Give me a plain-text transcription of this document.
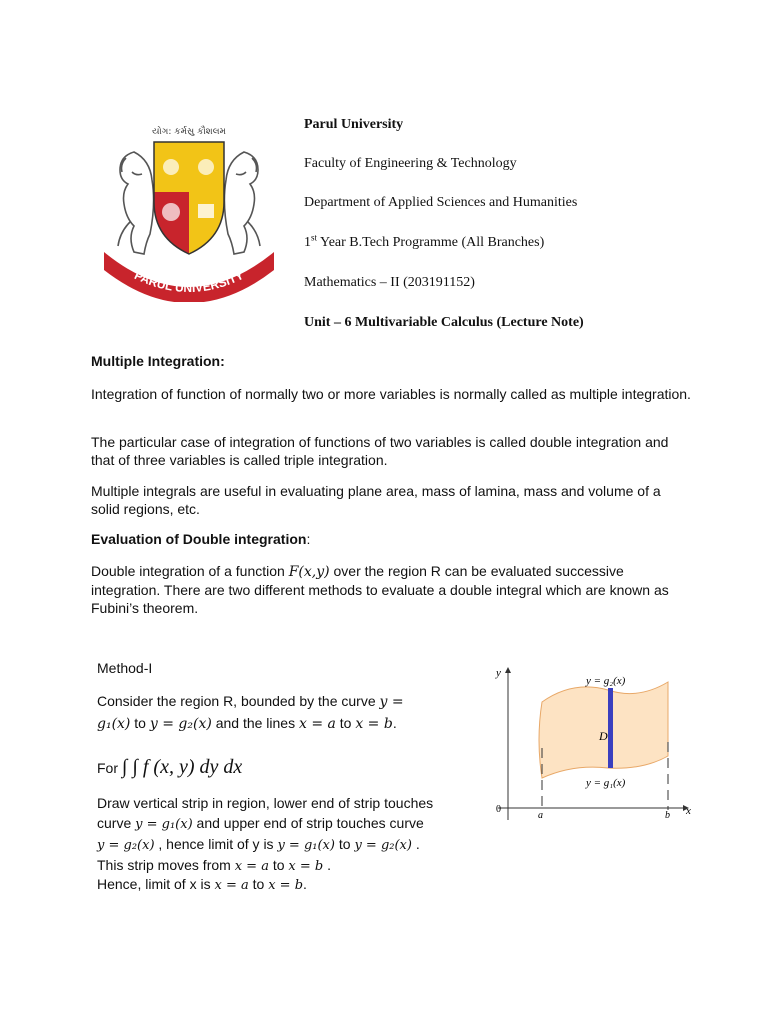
યોગ: કર્મસુ કૌશલમ
PARUL UNIVERSITY
Parul University
Faculty of Engineering & Technology
Department of Applied Sciences and Humanities
1st Year B.Tech Programme (All Branches)
Mathematics – II (203191152)
Unit – 6 Multivariable Calculus (Lecture Note)
Multiple Integration:
Integration of function of normally two or more variables is normally called as multiple integration.
The particular case of integration of functions of two variables is called double integration and that of three variables is called triple integration.
Multiple integrals are useful in evaluating plane area, mass of lamina, mass and volume of a solid regions, etc.
Evaluation of Double integration:
Double integration of a function F(x,y) over the region R can be evaluated successive integration. There are two different methods to evaluate a double integral which are known as Fubini’s theorem.
Method-I
Consider the region R, bounded by the curve y =
g₁(x) to y = g₂(x) and the lines x = a to x = b.
For ∫ ∫ f (x, y) dy dx
Draw vertical strip in region, lower end of strip touches
curve y = g₁(x) and upper end of strip touches curve
y = g₂(x) , hence limit of y is y = g₁(x) to y = g₂(x) .
This strip moves from x = a to x = b .
Hence, limit of x is x = a to x = b.
y
x
0
a	b
D
y = g₂(x)
y = g₁(x)
